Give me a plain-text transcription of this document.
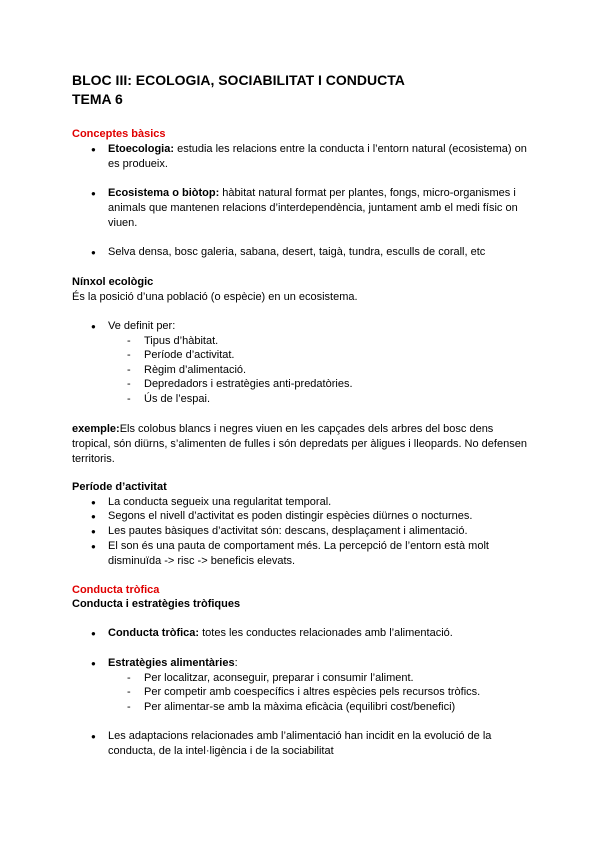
BLOC III: ECOLOGIA, SOCIABILITAT I CONDUCTA
TEMA 6
Conceptes bàsics
● Etoecologia: estudia les relacions entre la conducta i l’entorn natural (ecosistema) on es produeix.
● Ecosistema o biòtop: hàbitat natural format per plantes, fongs, micro-organismes i animals que mantenen relacions d’interdependència, juntament amb el medi físic on viuen.
● Selva densa, bosc galeria, sabana, desert, taigà, tundra, esculls de corall, etc
Nínxol ecològic
És la posició d’una població (o espècie) en un ecosistema.
● Ve definit per:
- Tipus d’hàbitat.
- Període d’activitat.
- Règim d’alimentació.
- Depredadors i estratègies anti-predatòries.
- Ús de l’espai.
exemple:Els colobus blancs i negres viuen en les capçades dels arbres del bosc dens tropical, són diürns, s’alimenten de fulles i són depredats per àligues i lleopards. No defensen territoris.
Període d’activitat
● La conducta segueix una regularitat temporal.
● Segons el nivell d’activitat es poden distingir espècies diürnes o nocturnes.
● Les pautes bàsiques d’activitat són: descans, desplaçament i alimentació.
● El son és una pauta de comportament més. La percepció de l’entorn està molt disminuïda -> risc -> beneficis elevats.
Conducta tròfica
Conducta i estratègies tròfiques
● Conducta tròfica: totes les conductes relacionades amb l’alimentació.
● Estratègies alimentàries:
- Per localitzar, aconseguir, preparar i consumir l’aliment.
- Per competir amb coespecífics i altres espècies pels recursos tròfics.
- Per alimentar-se amb la màxima eficàcia (equilibri cost/benefici)
● Les adaptacions relacionades amb l’alimentació han incidit en la evolució de la conducta, de la intel·ligència i de la sociabilitat
